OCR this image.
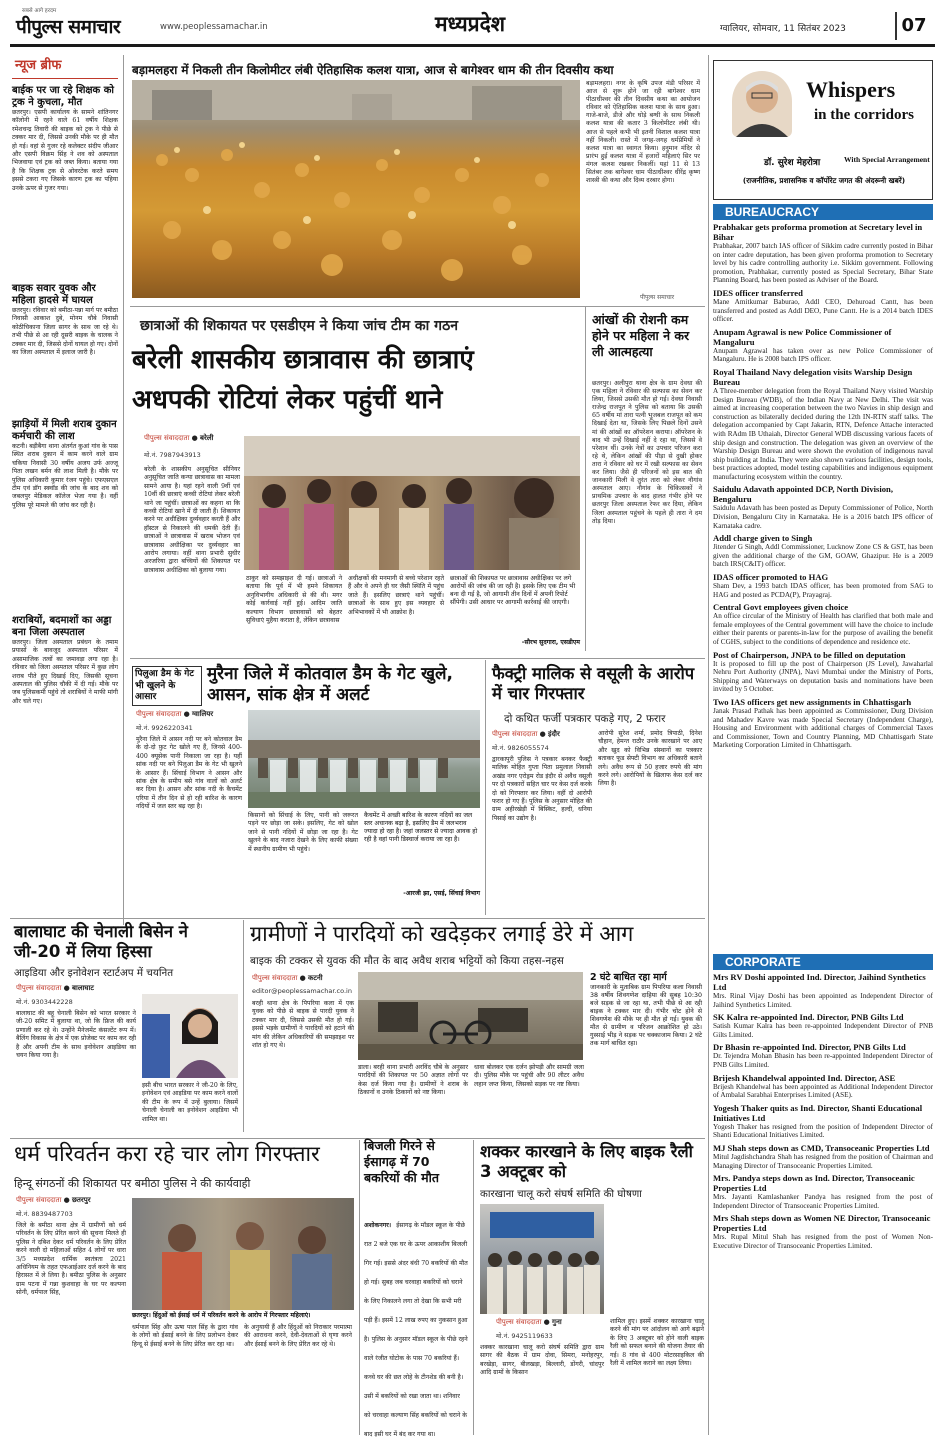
सबसे आगे हरदम
पीपुल्स समाचार	www.peoplessamachar.in	मध्यप्रदेश	ग्वालियर, सोमवार, 11 सितंबर 2023	07
न्यूज ब्रीफ
बाईक पर जा रहे शिक्षक को ट्रक ने कुचला, मौत
छतरपुर। एसपी कार्यालय के सामने शांतिनगर कॉलोनी में रहने वाले 61 वर्षीय शिक्षक रमेशचन्द्र तिवारी की बाइक को ट्रक ने पीछे से टक्कर मार दी, जिससे उनकी मौके पर ही मौत हो गई। वहां से गुजर रहे कलेक्टर संदीप जीआर और एसपी विक्रम सिंह ने शव को अस्पताल भिजवाया एवं ट्रक को जब्त किया। बताया गया है कि शिक्षक ट्रक से ओवरटेक करते समय इससे टकरा गए जिसके कारण ट्रक का पहिया उनके ऊपर से गुजर गया।
बाइक सवार युवक और महिला हादसे में घायल
छतरपुर। रविवार को बमीठा-पन्ना मार्ग पर बमीठा निवासी आकाश दुबे, मोनम चौबे निवासी कोठीचिकाना जिला सागर के साथ जा रहे थे। तभी पीछे से आ रही दूसरी बाइक के चालक ने टक्कर मार दी, जिससे दोनों घायल हो गए। दोनों का जिला अस्पताल में इलाज जारी है।
झाड़ियों में मिली शराब दुकान कर्मचारी की लाश
कटनी। बड़ीबैगा थाना अंतर्गत कुआं गांव के पास स्थित शराब दुकान में काम करने वाले ग्राम चकिया निवासी 30 वर्षीय अजय उर्फ अज्जू पिता लखन बर्मन की लाश मिली है। मौके पर पुलिस अधिकारी कुमार रंजन पहुंचे। एफएसएल टीम एवं डॉग स्क्वॉड की जांच के बाद शव को जबलपुर मेडिकल कॉलेज भेजा गया है। वहीं पुलिस पूरे मामले की जांच कर रही है।
शराबियों, बदमाशों का अड्डा बना जिला अस्पताल
छतरपुर। जिला अस्पताल प्रबंधन के तमाम प्रयासों के बावजूद अस्पताल परिसर में असामाजिक तत्वों का जमावड़ा लगा रहा है। रविवार को जिला अस्पताल परिसर में कुछ लोग शराब पीते हुए दिखाई दिए, जिसकी सूचना अस्पताल की पुलिस चौकी में दी गई। मौके पर जब पुलिसकर्मी पहुंचे तो शराबियों ने माफी मांगी और चले गए।
बड़ामलहरा में निकली तीन किलोमीटर लंबी ऐतिहासिक कलश यात्रा, आज से बागेश्वर धाम की तीन दिवसीय कथा
बड़ामलहरा। नगर के कृषि उपज मंडी परिसर में आज से शुरू होने जा रही बागेश्वर धाम पीठाधीश्वर की तीन दिवसीय कथा का आयोजन रविवार को ऐतिहासिक कलश यात्रा के साथ हुआ। गाजे-बाजे, डीजे और घोड़े बग्घी के साथ निकली कलश यात्रा की कतार 3 किलोमीटर लंबी थी। आज से पहले कभी भी इतनी विशाल कलश यात्रा नहीं निकली। रास्ते में जगह-जगह धर्मप्रेमियों ने कलश यात्रा का स्वागत किया। हनुमान मंदिर से प्रारंभ हुई कलश यात्रा में हजारों महिलाएं सिर पर मंगल कलश रखकर निकलीं। यहां 11 से 13 सितंबर तक बागेश्वर धाम पीठाधीश्वर धीरेंद्र कृष्ण शास्त्री की कथा और दिव्य दरबार होगा।
पीपुल्स समाचार
छात्राओं की शिकायत पर एसडीएम ने किया जांच टीम का गठन
बरेली शासकीय छात्रावास की छात्राएं
अधपकी रोटियां लेकर पहुंचीं थाने
पीपुल्स संवाददाता ● बरेली
मो.नं. 7987943913
बरेली के शासकीय अनुसूचित सीनियर अनुसूचित जाति कन्या छात्रावास का मामला सामने आया है। यहां रहने वाली 9वीं एवं 10वीं की छात्राएं कच्ची रोटियां लेकर बरेली थाने जा पहुंचीं। छात्राओं का कहना था कि कच्ची रोटियां खाने में दी जाती हैं। शिकायत करने पर अधीक्षिका दुर्व्यवहार करती हैं और हॉस्टल से निकालने की धमकी देती हैं। छात्राओं ने छात्रावास में खराब भोजन एवं छात्रावास अधीक्षिका पर दुर्व्यवहार का आरोप लगाया। वहीं थाना प्रभारी सुधीर अरजरिया द्वारा बच्चियों की शिकायत पर छात्रावास अधीक्षिका को बुलाया गया।
ठाकुर को समझाइश दी गई। छात्राओं ने बताया कि पूर्व में भी हमने शिकायत अनुविभागीय अधिकारी से की थी। मगर कोई कार्रवाई नहीं हुई। आदिम जाति कल्याण विभाग छात्रावासों को बेहतर सुविधाएं मुहैया कराता है, लेकिन छात्रावास
अधीक्षकों की मनमानी से बच्चे परेशान रहते हैं और वे अपने ही घर जैसी स्थिति में पहुंच जाते हैं। इसलिए छात्राएं थाने पहुंचीं। छात्राओं के साथ हुए इस व्यवहार से अभिभावकों में भी आक्रोश है।
छात्राओं की शिकायत पर छात्रावास अधीक्षिका पर लगे आरोपों की जांच की जा रही है। इसके लिए एक टीम भी बना दी गई है, जो आगामी तीन दिनों में अपनी रिपोर्ट सौंपेगी। उसी आधार पर आगामी कार्रवाई की जाएगी।
-सौरभ सुदगारा, एसडीएम
आंखों की रोशनी कम होने पर महिला ने कर ली आत्महत्या
छतरपुर। अलीपुरा थाना क्षेत्र के ग्राम देवधा की एक महिला ने रविवार की सल्फास का सेवन कर लिया, जिससे उसकी मौत हो गई। देवधा निवासी राजेन्द्र राजपूत ने पुलिस को बताया कि उसकी 65 वर्षीय मां तारा पत्नी भुजबल राजपूत को कम दिखाई देता था, जिसके लिए पिछले दिनों उसने मां की आंखों का ऑपरेशन कराया। ऑपरेशन के बाद भी उन्हें दिखाई नहीं दे रहा था, जिससे वे परेशान थीं। उनके नेत्रों का उपचार परिजन करा रहे थे, लेकिन आंखों की पीड़ा से दुखी होकर तारा ने रविवार को घर में रखी सल्फास का सेवन कर लिया। जैसे ही परिजनों को इस बात की जानकारी मिली वे तुरंत तारा को लेकर नौगांव अस्पताल आए। नौगांव के चिकित्सकों ने प्राथमिक उपचार के बाद हालत गंभीर होने पर छतरपुर जिला अस्पताल रेफर कर दिया, लेकिन जिला अस्पताल पहुंचने के पहले ही तारा ने दम तोड़ दिया।
पिलुआ डैम के गेट भी खुलने के आसार
मुरैना जिले में कोतवाल डैम के गेट खुले, आसन, सांक क्षेत्र में अलर्ट
पीपुल्स संवाददाता ● ग्वालियर
मो.नं. 9926220341
मुरैना जिले में आसन नदी पर बने कोतवाल डैम के दो-दो फ़ुट गेट खोले गए हैं, जिनसे 400-400 क्यूसेक पानी निकाला जा रहा है। यहीं सांक नदी पर बने पिलुआ डैम के गेट भी खुलने के आसार हैं। सिंचाई विभाग ने आसन और सांक क्षेत्र के समीप बसे गांव वालों को अलर्ट कर दिया है। आसन और सांक नदी के कैचमेंट एरिया में तीन दिन से हो रही बारिश के कारण नदियों में जल स्तर बढ़ रहा है।
किसानों को सिंचाई के लिए, पानी को जरूरत पड़ने पर छोड़ा जा सके। इसलिए, गेट को खोल जाने से पानी नदियों में छोड़ा जा रहा है। गेट खुलने के बाद नजारा देखने के लिए काफी संख्या में स्थानीय ग्रामीण भी पहुंचे।
कैचमेंट में अच्छी बारिश के कारण नदियों का जल स्तर अचानक बढ़ा है, इसलिए डैम में जलभराव ज्यादा हो रहा है। जहां जलस्तर से ज्यादा आवक हो रही है वहां पानी डिस्चार्ज कराया जा रहा है।
-आरजी झा, एसई, सिंचाई विभाग
फैक्ट्री मालिक से वसूली के आरोप में चार गिरफ्तार
दो कथित फर्जी पत्रकार पकड़े गए, 2 फरार
पीपुल्स संवाददाता ● इंदौर
मो.नं. 9826055574
द्वारकापुरी पुलिस ने पत्रकार बनकर फैक्ट्री मालिक मोहित गुप्ता पिता प्रमुलाल निवासी अखंड नगर एरोड्रम रोड इंदौर से अवैध वसूली पर दो पत्रकारों सहित चार पर केस दर्ज करके दो को गिरफ्तार कर लिया। वहीं दो आरोपी फरार हो गए हैं। पुलिस के अनुसार मोहित की ग्राम अहीरखेड़ी में बिस्किट, हल्दी, धनिया पिसाई का उद्योग है।
आरोपी सुरेश शर्मा, प्रमोद त्रिपाठी, दिनेश चौहान, हेमन्त राठौर उनके कारखाने पर आए और खुद को विभिन्न संस्थानों का पत्रकार बताकर फूड सेफ्टी विभाग का अधिकारी बताने लगे। अवैध रूप से 50 हजार रुपये की मांग करने लगे। आरोपियों के खिलाफ केस दर्ज कर लिया है।
बालाघाट की चेनाली बिसेन ने जी-20 में लिया हिस्सा
आइडिया और इनोवेशन स्टार्टअप में चयनित
पीपुल्स संवाददाता ● बालाघाट
मो.नं. 9303442228
बालाघाट की बहू चेनाली बिसेन को भारत सरकार ने जी-20 समिट में बुलाया था, जो कि फ्रिज की कार्य प्रणाली कर रहे थे। उन्होंने मैनेजमेंट कंसल्टेंट रूप में। बैलिंग विकास के क्षेत्र में एक प्रोजेक्ट पर काम कर रही है और अपनी टीम के साथ इनोवेशन आइडिया का चयन किया गया है।
इसी बीच भारत सरकार ने जी-20 के लिए, इनोवेशन एवं आइडिया पर काम करने वालों की टीम के रूप में उन्हें बुलाया। जिसमें चेनाली चेनाली का इनोवेशन आइडिया भी शामिल था।
ग्रामीणों ने पारदियों को खदेड़कर लगाई डेरे में आग
बाइक की टक्कर से युवक की मौत के बाद अवैध शराब भट्टियों को किया तहस-नहस
पीपुल्स संवाददाता ● कटनी
editor@peoplessamachar.co.in
बरही थाना क्षेत्र के पिपरिया कला में एक युवक को पीछे से बाइक से पारदी युवक ने टक्कर मार दी, जिससे उसकी मौत हो गई। इससे भड़के ग्रामीणों ने पारदियों को हटाने की मांग की लेकिन अधिकारियों की समझाइश पर शांत हो गए थे।
डाला। बरही थाना प्रभारी अरविंद चौबे के अनुसार पारदियों की शिकायत पर 50 अज्ञात लोगों पर केस दर्ज किया गया है। ग्रामीणों ने शराब के ठिकानों व उनके ठिकानों को नष्ट किया।
धावा बोलकर एक दर्जन झोपड़ी और सामग्री जला दी। पुलिस मौके पर पहुंची और 90 लीटर अवैध लहान जप्त किया, जिसको सड़क पर नष्ट किया।
2 घंटे बाधित रहा मार्ग
जानकारी के मुताबिक ग्राम पिपरिया कला निवासी 38 वर्षीय शिवगणेश दाहिया की सुबह 10:30 बजे सड़क से जा रहा था, तभी पीछे से आ रही बाइक ने टक्कर मार दी। गंभीर चोट होने से शिवगणेश की मौके पर ही मौत हो गई। युवक की मौत से ग्रामीण व परिजन आक्रोशित हो उठे। गुस्साई भीड़ ने सड़क पर चक्काजाम किया। 2 घंटे तक मार्ग बाधित रहा।
धर्म परिवर्तन करा रहे चार लोग गिरफ्तार
हिन्दू संगठनों की शिकायत पर बमीठा पुलिस ने की कार्यवाही
पीपुल्स संवाददाता ● छतरपुर
मो.नं. 8839487703
जिले के बमीठा थाना क्षेत्र में ग्रामीणों को धर्म परिवर्तन के लिए प्रेरित करने की सूचना मिलते ही पुलिस ने दबिश देकर धर्म परिवर्तन के लिए प्रेरित करने वाली दो महिलाओं सहित 4 लोगों पर धारा 3/5 मध्यप्रदेश धार्मिक स्वतंत्रता 2021 अधिनियम के तहत एफआईआर दर्ज करने के बाद हिरासत में ले लिया है। बमीठा पुलिस के अनुसार ग्राम पटना में गन्ना कुशवाहा के घर पर कल्पना सोनी, धर्मपाल सिंह,
छतरपुर। हिंदुओं को ईसाई धर्म में परिवर्तन करने के आरोप में गिरफ्तार महिलाएं।
धर्मपाल सिंह और ऊषा पाल सिंह के द्वारा गांव के लोगों को ईसाई बनने के लिए प्रलोभन देकर हिन्दू से ईसाई बनने के लिए प्रेरित कर रहा था।
के अनुयायी हैं और हिंदुओं को निराकार परमात्मा की आराधना करने, देवी-देवताओं से घृणा करने और ईसाई बनने के लिए प्रेरित कर रहे थे।
बिजली गिरने से ईसागढ़ में 70 बकरियों की मौत
अशोकनगर। ईसागढ़ के मॉडल स्कूल के पीछे रात 2 बजे एक घर के ऊपर आकाशीय बिजली गिर गई। इससे अंदर बंधी 70 बकरियों की मौत हो गई। सुबह जब चरवाहा बकरियों को चराने के लिए निकालने लगा तो देखा कि सभी मरी पड़ी हैं। इसमें 12 लाख रुपए का नुकसान हुआ है। पुलिस के अनुसार मॉडल स्कूल के पीछे रहने वाले रंजीत घोटोक के पास 70 बकरियां हैं। कच्चे घर की छत लोहे के टीनशेड की बनी है। उसी में बकरियों को रखा जाता था। शनिवार को चरवाहा कल्याण सिंह बकरियों को चराने के बाद इसी घर में बंद कर गया था।
शक्कर कारखाने के लिए बाइक रैली 3 अक्टूबर को
कारखाना चालू करो संघर्ष समिति की घोषणा
पीपुल्स संवाददाता ● गुना
मो.नं. 9425119633
शक्कर कारखाना चालू करो संघर्ष समिति द्वारा ग्राम सागर की बैठक में ग्राम दोवा, सिमरा, मनोहरपुर, बरखेड़ा, सागर, बीलखड़ा, बिल्लारी, डोंगरी, चांदपुर आदि ग्रामों के किसान
शामिल हुए। इसमें शक्कर कारखाना चालू करने की मांग पर आंदोलन को आगे बढ़ाने के लिए 3 अक्टूबर को होने वाली बाइक रैली को सफल बनाने की योजना तैयार की गई। 8 गांव से 400 मोटरसाइकिल की रैली में शामिल कराने का लक्ष्य लिया।
Whispers
in the corridors
डॉ. सुरेश मेहरोत्रा	With Special Arrangement
(राजनीतिक, प्रशासनिक व कॉर्पोरेट जगत की अंदरूनी खबरें)
BUREAUCRACY
Prabhakar gets proforma promotion at Secretary level in Bihar
Prabhakar, 2007 batch IAS officer of Sikkim cadre currently posted in Bihar on inter cadre deputation, has been given proforma promotion to Secretary level by his cadre controlling authority i.e. Sikkim government. Following promotion, Prabhakar, currently posted as Special Secretary, Bihar State Planning Board, has been posted as Adviser of the Board.
IDES officer transferred
Mane Amitkumar Baburao, Addl CEO, Dehuroad Cantt, has been transferred and posted as Addl DEO, Pune Cantt. He is a 2014 batch IDES officer.
Anupam Agrawal is new Police Commissioner of Mangaluru
Anupam Agrawal has taken over as new Police Commissioner of Mangaluru. He is 2008 batch IPS officer.
Royal Thailand Navy delegation visits Warship Design Bureau
A Three-member delegation from the Royal Thailand Navy visited Warship Design Bureau (WDB), of the Indian Navy at New Delhi. The visit was aimed at increasing cooperation between the two Navies in ship design and construction as bilaterally decided during the 12th IN-RTN staff talks. The delegation accompanied by Capt Jakarin, RTN, Defence Attache interacted with RAdm IB Uthaiah, Director General WDB discussing various facets of ship design and construction. The delegation was given an overview of the Warship Design Bureau and were shown the evolution of indigenous naval ship building at India. They were also shown various facilities, design tools, best practices adopted, model testing capabilities and indigenous equipment manufacturing ecosystem within the country.
Saidulu Adavath appointed DCP, North Division, Bengaluru
Saidulu Adavath has been posted as Deputy Commissioner of Police, North Division, Bengaluru City in Karnataka. He is a 2016 batch IPS officer of Karnataka cadre.
Addl charge given to Singh
Jitender G Singh, Addl Commissioner, Lucknow Zone CS & GST, has been given the additional charge of the GM, GOAW, Ghazipur. He is a 2009 batch IRS(C&IT) officer.
IDAS officer promoted to HAG
Sham Dev, a 1993 batch IDAS officer, has been promoted from SAG to HAG and posted as PCDA(P), Prayagraj.
Central Govt employees given choice
An office circular of the Ministry of Health has clarified that both male and female employees of the Central government will have the choice to include either their parents or parents-in-law for the purpose of availing the benefit of CGHS, subject to the conditions of dependence and residence etc.
Post of Chairperson, JNPA to be filled on deputation
It is proposed to fill up the post of Chairperson (JS Level), Jawaharlal Nehru Port Authority (JNPA), Navi Mumbai under the Ministry of Ports, Shipping and Waterways on deputation basis and nominations have been invited by 5 October.
Two IAS officers get new assignments in Chhattisgarh
Janak Prasad Pathak has been appointed as Commissioner, Durg Division and Mahadev Kavre was made Special Secretary (Independent Charge), Housing and Environment with additional charges of Commercial Taxes and Commissioner, Town and Country Planning, MD Chhattisgarh State Marketing Corporation Limited in Chhattisgarh.
CORPORATE
Mrs RV Doshi appointed Ind. Director, Jaihind Synthetics Ltd
Mrs. Rinal Vijay Doshi has been appointed as Independent Director of Jaihind Synthetics Limited.
SK Kalra re-appointed Ind. Director, PNB Gilts Ltd
Satish Kumar Kalra has been re-appointed Independent Director of PNB Gilts Limited.
Dr Bhasin re-appointed Ind. Director, PNB Gilts Ltd
Dr. Tejendra Mohan Bhasin has been re-appointed Independent Director of PNB Gilts Limited.
Brijesh Khandelwal appointed Ind. Director, ASE
Brijesh Khandelwal has been appointed as Additional Independent Director of Ambalal Sarabhai Enterprises Limited (ASE).
Yogesh Thaker quits as Ind. Director, Shanti Educational Initiatives Ltd
Yogesh Thaker has resigned from the position of Independent Director of Shanti Educational Initiatives Limited.
MJ Shah steps down as CMD, Transoceanic Properties Ltd
Mitul Jagdishchandra Shah has resigned from the position of Chairman and Managing Director of Transoceanic Properties Limited.
Mrs. Pandya steps down as Ind. Director, Transoceanic Properties Ltd
Mrs. Jayanti Kamlashanker Pandya has resigned from the post of Independent Director of Transoceanic Properties Limited.
Mrs Shah steps down as Women NE Director, Transoceanic Properties Ltd
Mrs. Rupal Mitul Shah has resigned from the post of Women Non-Executive Director of Transoceanic Properties Limited.
